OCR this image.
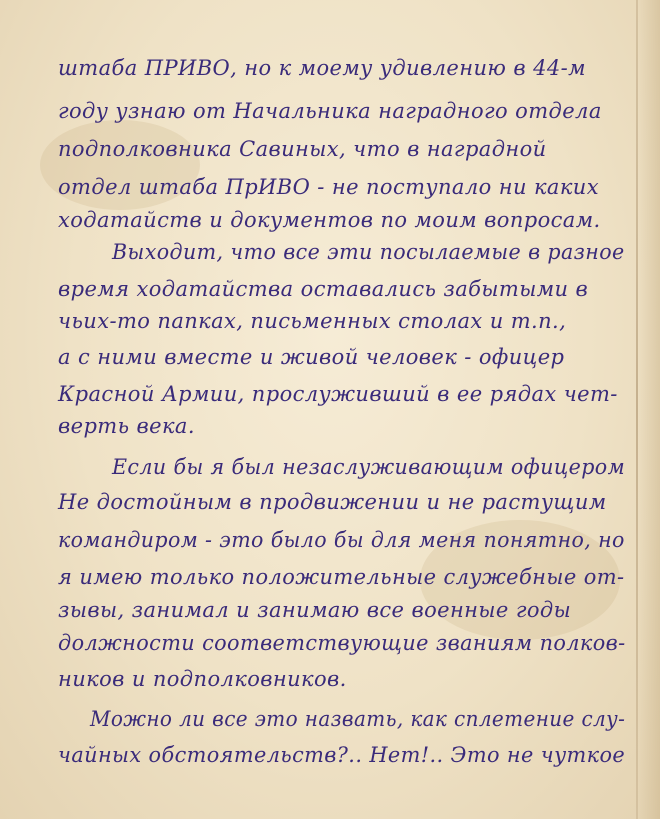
штаба ПРИВО, но к моему удивлению в 44-м
году узнаю от Начальника наградного отдела
подполковника Савиных, что в наградной
отдел штаба ПрИВО - не поступало ни каких
ходатайств и документов по моим вопросам.
Выходит, что все эти посылаемые в разное
время ходатайства оставались забытыми в
чьих-то папках, письменных столах и т.п.,
а с ними вместе и живой человек - офицер
Красной Армии, прослуживший в ее рядах чет-
верть века.
Если бы я был незаслуживающим офицером
Не достойным в продвижении и не растущим
командиром - это было бы для меня понятно, но
я имею только положительные служебные от-
зывы, занимал и занимаю все военные годы
должности соответствующие званиям полков-
ников и подполковников.
Можно ли все это назвать, как сплетение слу-
чайных обстоятельств?.. Нет!.. Это не чуткое
